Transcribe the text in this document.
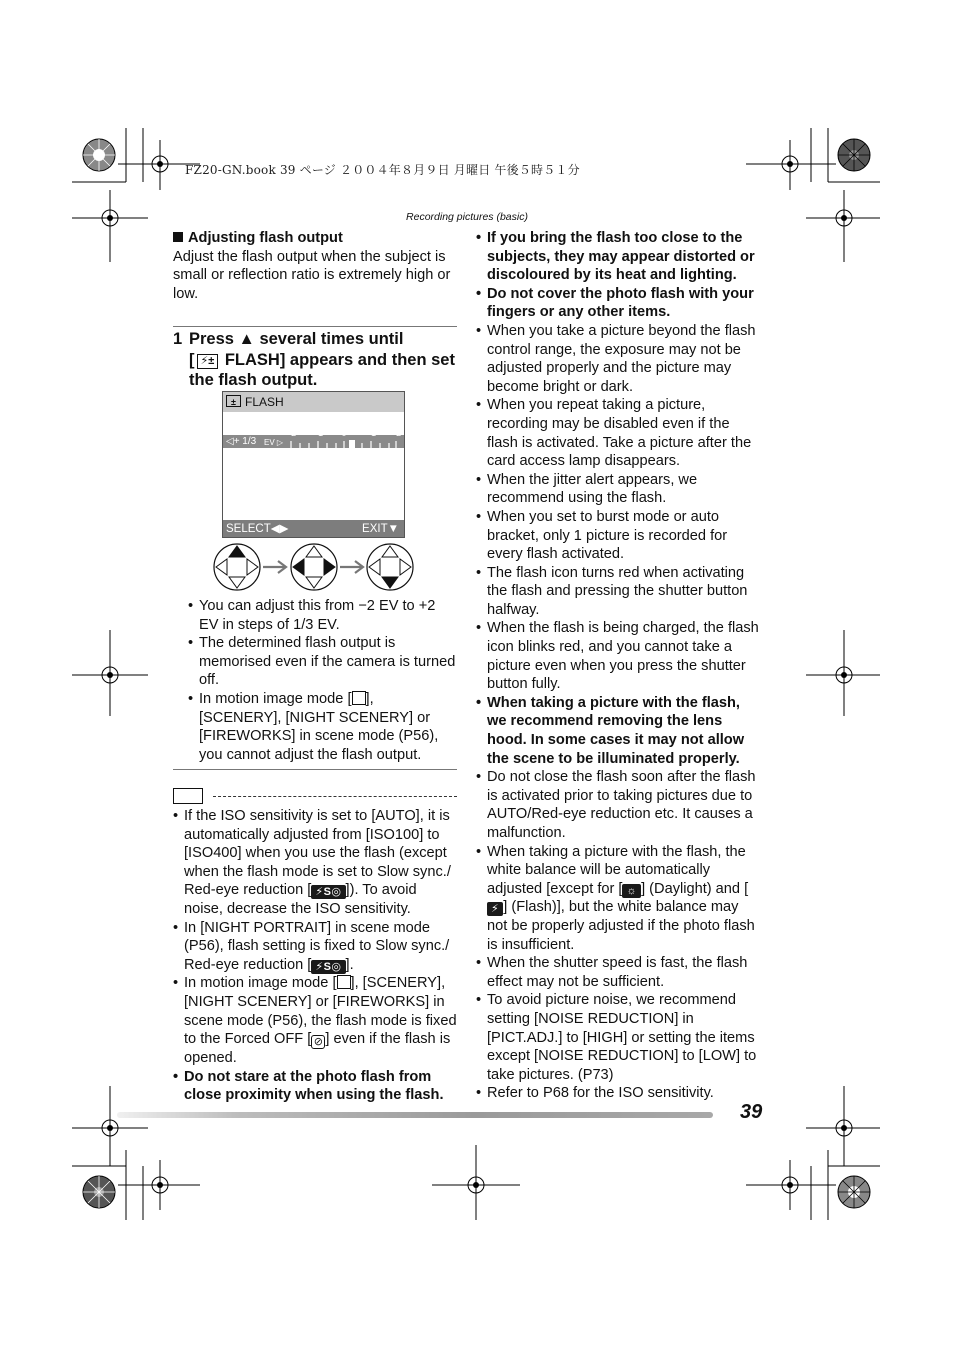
FZ20-GN.book 39 ページ ２００４年８月９日 月曜日 午後５時５１分
Recording pictures (basic)
Adjusting flash output

Adjust the flash output when the subject is small or reflection ratio is extremely high or low.

1 Press ▲ several times until
[ ⚡± FLASH] appears and then set the flash output.
± FLASH
◁+ 1/3 EV ▷
−2 −1 0 +1 +2
SELECT◀▶	EXIT▼
• You can adjust this from −2 EV to +2 EV in steps of 1/3 EV.
• The determined flash output is memorised even if the camera is turned off.
• In motion image mode [ ], [SCENERY], [NIGHT SCENERY] or [FIREWORKS] in scene mode (P56), you cannot adjust the flash output.
• If the ISO sensitivity is set to [AUTO], it is automatically adjusted from [ISO100] to [ISO400] when you use the flash (except when the flash mode is set to Slow sync./ Red-eye reduction [ ⚡S◎ ]). To avoid noise, decrease the ISO sensitivity.
• In [NIGHT PORTRAIT] in scene mode (P56), flash setting is fixed to Slow sync./ Red-eye reduction [ ⚡S◎ ].
• In motion image mode [ ], [SCENERY], [NIGHT SCENERY] or [FIREWORKS] in scene mode (P56), the flash mode is fixed to the Forced OFF [ ⊘ ] even if the flash is opened.
• Do not stare at the photo flash from close proximity when using the flash.
• If you bring the flash too close to the subjects, they may appear distorted or discoloured by its heat and lighting.
• Do not cover the photo flash with your fingers or any other items.
• When you take a picture beyond the flash control range, the exposure may not be adjusted properly and the picture may become bright or dark.
• When you repeat taking a picture, recording may be disabled even if the flash is activated. Take a picture after the card access lamp disappears.
• When the jitter alert appears, we recommend using the flash.
• When you set to burst mode or auto bracket, only 1 picture is recorded for every flash activated.
• The flash icon turns red when activating the flash and pressing the shutter button halfway.
• When the flash is being charged, the flash icon blinks red, and you cannot take a picture even when you press the shutter button fully.
• When taking a picture with the flash, we recommend removing the lens hood. In some cases it may not allow the scene to be illuminated properly.
• Do not close the flash soon after the flash is activated prior to taking pictures due to AUTO/Red-eye reduction etc. It causes a malfunction.
• When taking a picture with the flash, the white balance will be automatically adjusted [except for [ ☼ ] (Daylight) and [⚡ ] (Flash)], but the white balance may not be properly adjusted if the photo flash is insufficient.
• When the shutter speed is fast, the flash effect may not be sufficient.
• To avoid picture noise, we recommend setting [NOISE REDUCTION] in [PICT.ADJ.] to [HIGH] or setting the items except [NOISE REDUCTION] to [LOW] to take pictures. (P73)
• Refer to P68 for the ISO sensitivity.
39
